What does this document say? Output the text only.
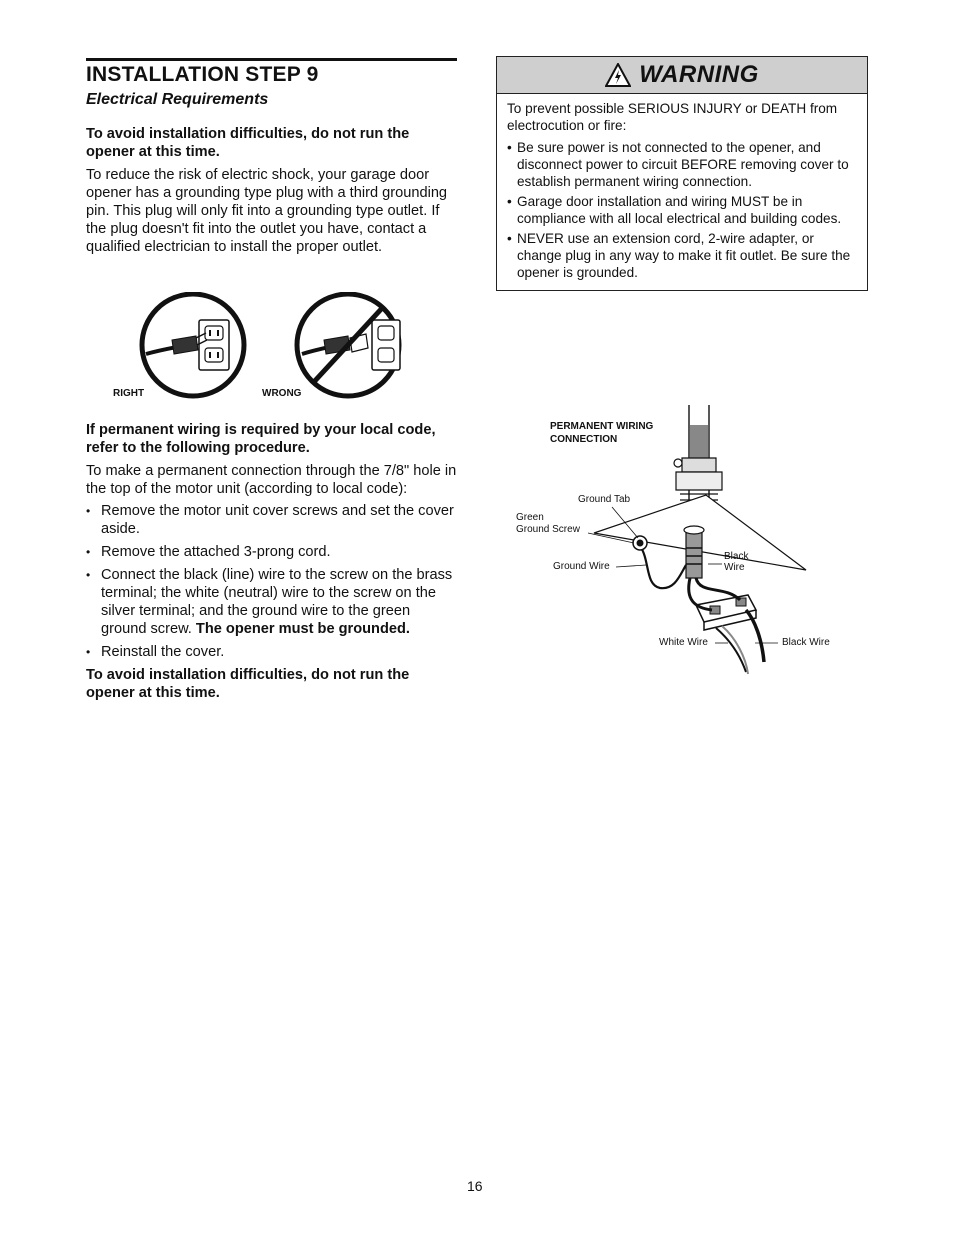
INSTALLATION STEP 9
Electrical Requirements

To avoid installation difficulties, do not run the opener at this time.

To reduce the risk of electric shock, your garage door opener has a grounding type plug with a third grounding pin. This plug will only fit into a grounding type outlet. If the plug doesn't fit into the outlet you have, contact a qualified electrician to install the proper outlet.

RIGHT	WRONG

If permanent wiring is required by your local code, refer to the following procedure.

To make a permanent connection through the 7/8" hole in the top of the motor unit (according to local code):

• Remove the motor unit cover screws and set the cover aside.
• Remove the attached 3-prong cord.
• Connect the black (line) wire to the screw on the brass terminal; the white (neutral) wire to the screw on the silver terminal; and the ground wire to the green ground screw. The opener must be grounded.
• Reinstall the cover.

To avoid installation difficulties, do not run the opener at this time.

WARNING

To prevent possible SERIOUS INJURY or DEATH from electrocution or fire:

• Be sure power is not connected to the opener, and disconnect power to circuit BEFORE removing cover to establish permanent wiring connection.
• Garage door installation and wiring MUST be in compliance with all local electrical and building codes.
• NEVER use an extension cord, 2-wire adapter, or change plug in any way to make it fit outlet. Be sure the opener is grounded.
PERMANENT WIRING
CONNECTION
Ground Tab
Green
Ground Screw
Ground Wire
Black
Wire
White Wire	Black Wire
16
